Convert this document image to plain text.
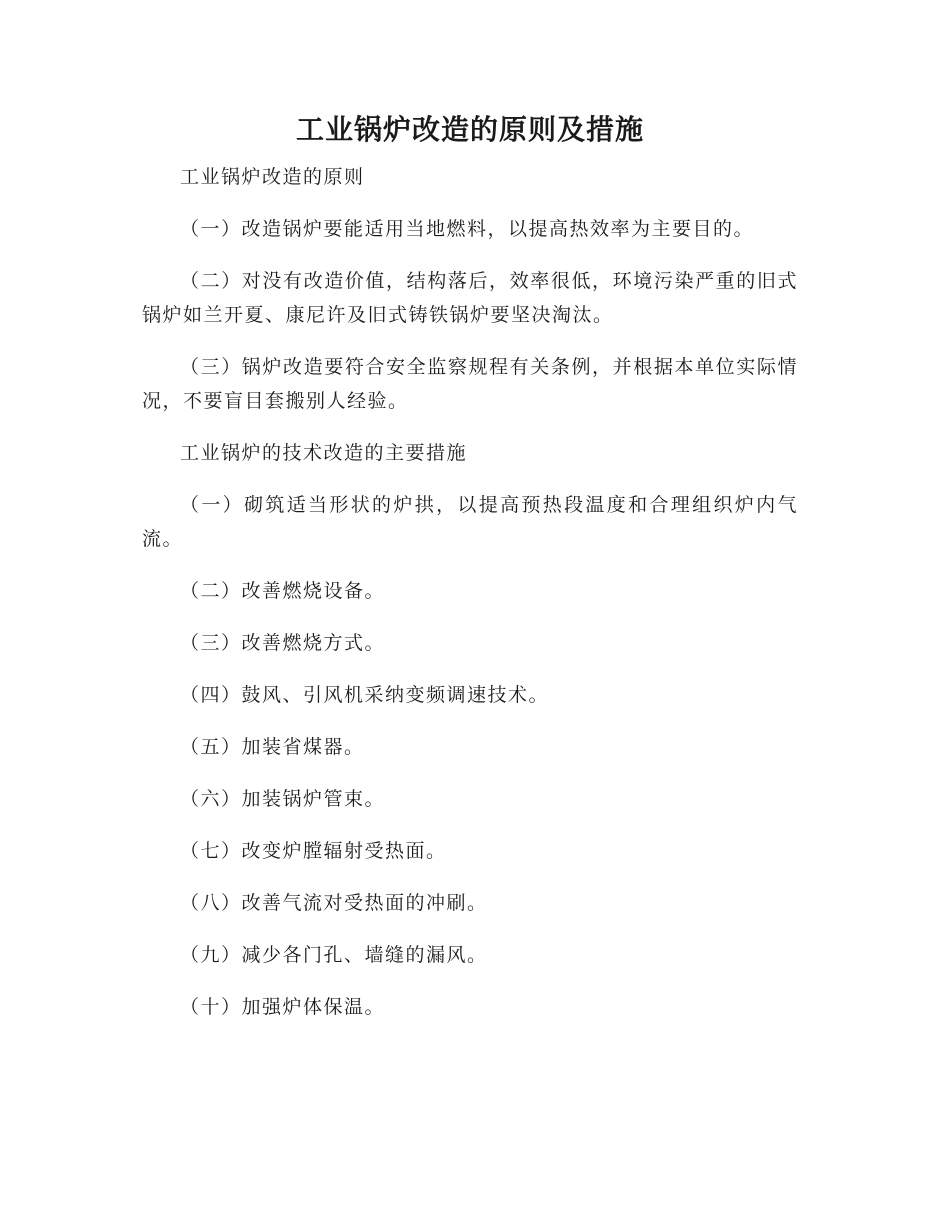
工业锅炉改造的原则及措施

工业锅炉改造的原则

（一）改造锅炉要能适用当地燃料，以提高热效率为主要目的。

（二）对没有改造价值，结构落后，效率很低，环境污染严重的旧式锅炉如兰开夏、康尼许及旧式铸铁锅炉要坚决淘汰。

（三）锅炉改造要符合安全监察规程有关条例，并根据本单位实际情况，不要盲目套搬别人经验。

工业锅炉的技术改造的主要措施

（一）砌筑适当形状的炉拱，以提高预热段温度和合理组织炉内气流。

（二）改善燃烧设备。

（三）改善燃烧方式。

（四）鼓风、引风机采纳变频调速技术。

（五）加装省煤器。

（六）加装锅炉管束。

（七）改变炉膛辐射受热面。

（八）改善气流对受热面的冲刷。

（九）减少各门孔、墙缝的漏风。

（十）加强炉体保温。
